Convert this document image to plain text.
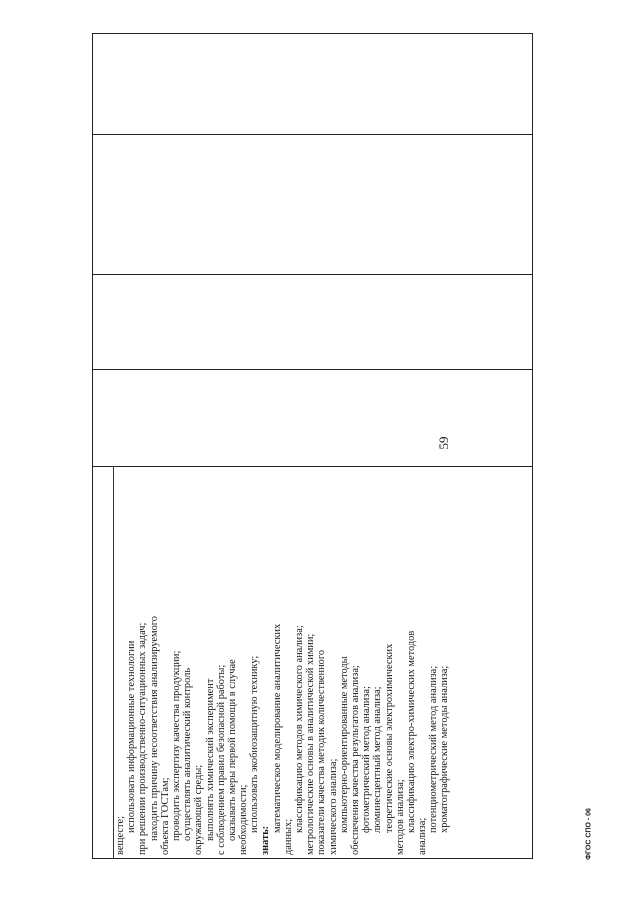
59
вещесте;
использовать информационные технологии при решении производственно-ситуационных задач; находить причину несоответствия анализируемого объекта ГОСТам; проводить экспертизу качества продукции; осуществлять аналитический контроль окружающей среды; выполнять химический эксперимент с соблюдением правил безопасной работы; оказывать меры первой помощи в случае необходимости; использовать экобиозащитную технику;
знать:
математическое моделирование аналитических
данных;
классификацию методов химического анализа; метрологические основы в аналитической химии; показатели качества методик количественного химического анализа; компьютерно-ориентированные методы обеспечения качества результатов анализа; фотометрический метод анализа; люминесцентный метод анализа; теоретические основы электрохимических методов анализа; классификацию электро-химических методов
анализа;
потенциометрический метод анализа; хроматографические методы анализа;
ФГОС СПО - 06
